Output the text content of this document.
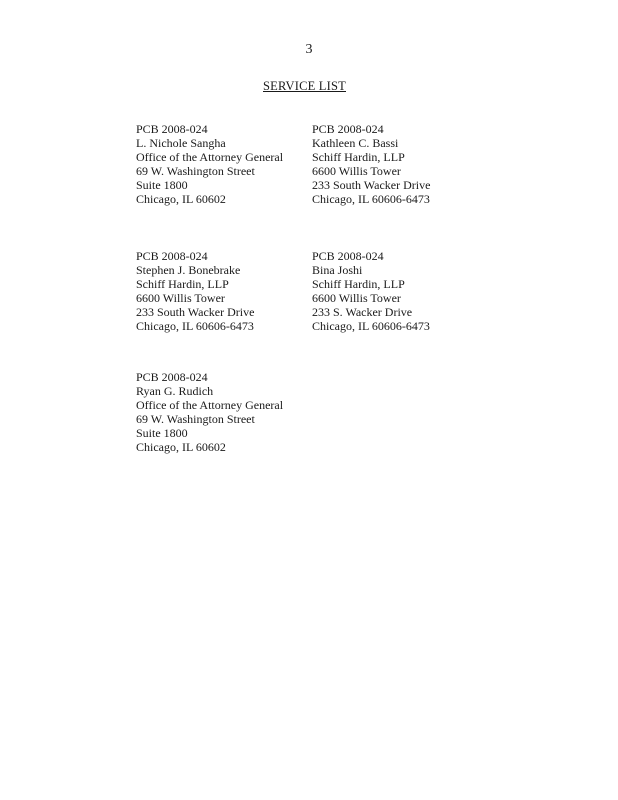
3
SERVICE LIST
PCB 2008-024
L. Nichole Sangha
Office of the Attorney General
69 W. Washington Street
Suite 1800
Chicago, IL 60602
PCB 2008-024
Kathleen C. Bassi
Schiff Hardin, LLP
6600 Willis Tower
233 South Wacker Drive
Chicago, IL 60606-6473
PCB 2008-024
Stephen J. Bonebrake
Schiff Hardin, LLP
6600 Willis Tower
233 South Wacker Drive
Chicago, IL 60606-6473
PCB 2008-024
Bina Joshi
Schiff Hardin, LLP
6600 Willis Tower
233 S. Wacker Drive
Chicago, IL 60606-6473
PCB 2008-024
Ryan G. Rudich
Office of the Attorney General
69 W. Washington Street
Suite 1800
Chicago, IL 60602
